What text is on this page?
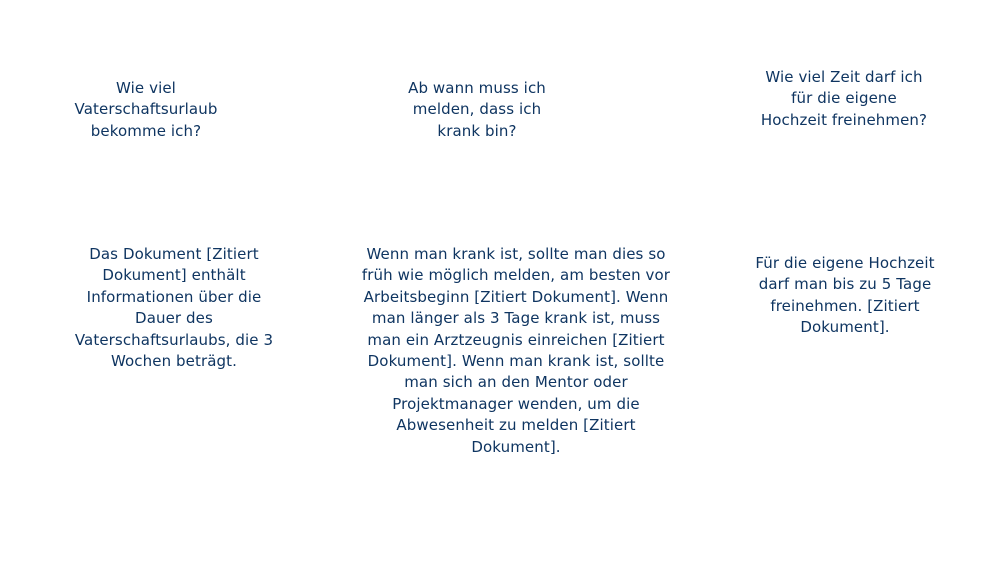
Wie viel Vaterschaftsurlaub bekomme ich?
Ab wann muss ich melden, dass ich krank bin?
Wie viel Zeit darf ich für die eigene Hochzeit freinehmen?
Das Dokument [Zitiert Dokument] enthält Informationen über die Dauer des Vaterschaftsurlaubs, die 3 Wochen beträgt.
Wenn man krank ist, sollte man dies so früh wie möglich melden, am besten vor Arbeitsbeginn [Zitiert Dokument]. Wenn man länger als 3 Tage krank ist, muss man ein Arztzeugnis einreichen [Zitiert Dokument]. Wenn man krank ist, sollte man sich an den Mentor oder Projektmanager wenden, um die Abwesenheit zu melden [Zitiert Dokument].
Für die eigene Hochzeit darf man bis zu 5 Tage freinehmen. [Zitiert Dokument].
